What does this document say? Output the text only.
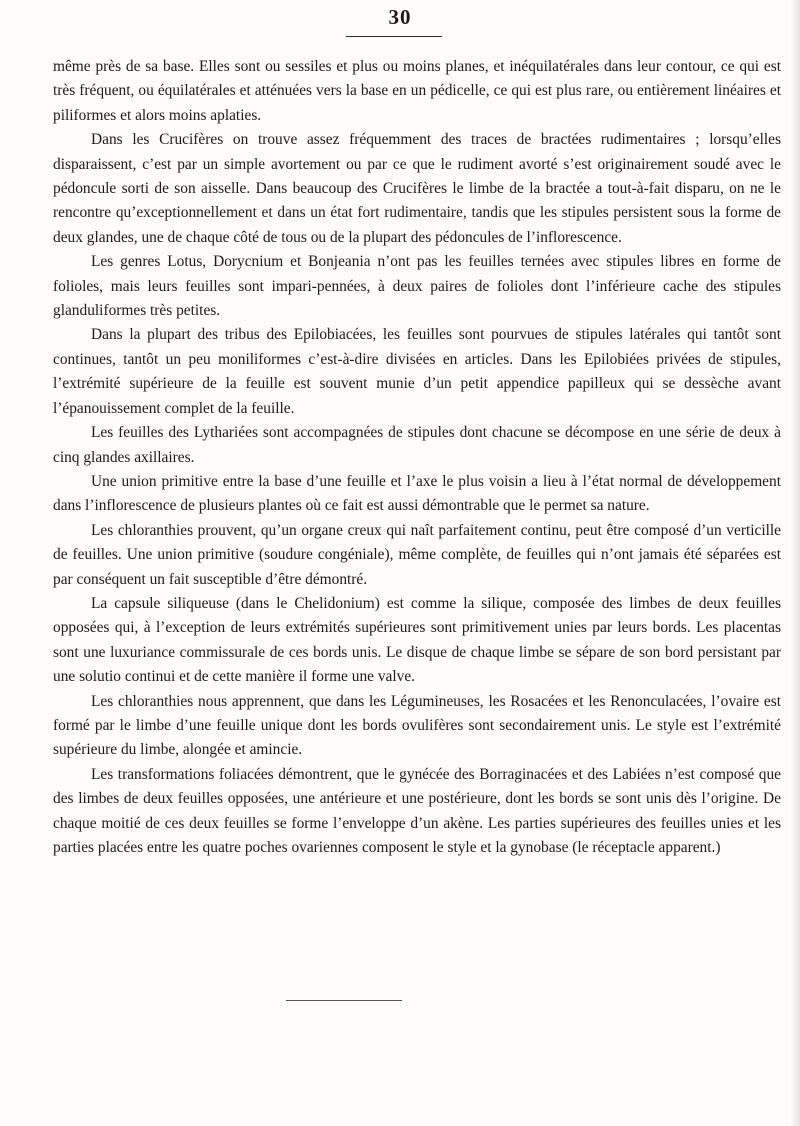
30

même près de sa base. Elles sont ou sessiles et plus ou moins planes, et inéquilatérales dans leur contour, ce qui est très fréquent, ou équilatérales et atténuées vers la base en un pédicelle, ce qui est plus rare, ou entièrement linéaires et piliformes et alors moins aplaties.

Dans les Crucifères on trouve assez fréquemment des traces de bractées rudimentaires ; lorsqu’elles disparaissent, c’est par un simple avortement ou par ce que le rudiment avorté s’est originairement soudé avec le pédoncule sorti de son aisselle. Dans beaucoup des Crucifères le limbe de la bractée a tout-à-fait disparu, on ne le rencontre qu’exceptionnellement et dans un état fort rudimentaire, tandis que les stipules persistent sous la forme de deux glandes, une de chaque côté de tous ou de la plupart des pédoncules de l’inflorescence.

Les genres Lotus, Dorycnium et Bonjeania n’ont pas les feuilles ternées avec stipules libres en forme de folioles, mais leurs feuilles sont impari-pennées, à deux paires de folioles dont l’inférieure cache des stipules glanduliformes très petites.

Dans la plupart des tribus des Epilobiacées, les feuilles sont pourvues de stipules latérales qui tantôt sont continues, tantôt un peu moniliformes c’est-à-dire divisées en articles. Dans les Epilobiées privées de stipules, l’extrémité supérieure de la feuille est souvent munie d’un petit appendice papilleux qui se dessèche avant l’épanouissement complet de la feuille.

Les feuilles des Lythariées sont accompagnées de stipules dont chacune se décompose en une série de deux à cinq glandes axillaires.

Une union primitive entre la base d’une feuille et l’axe le plus voisin a lieu à l’état normal de développement dans l’inflorescence de plusieurs plantes où ce fait est aussi démontrable que le permet sa nature.

Les chloranthies prouvent, qu’un organe creux qui naît parfaitement continu, peut être composé d’un verticille de feuilles. Une union primitive (soudure congéniale), même complète, de feuilles qui n’ont jamais été séparées est par conséquent un fait susceptible d’être démontré.

La capsule siliqueuse (dans le Chelidonium) est comme la silique, composée des limbes de deux feuilles opposées qui, à l’exception de leurs extrémités supérieures sont primitivement unies par leurs bords. Les placentas sont une luxuriance commissurale de ces bords unis. Le disque de chaque limbe se sépare de son bord persistant par une solutio continui et de cette manière il forme une valve.

Les chloranthies nous apprennent, que dans les Légumineuses, les Rosacées et les Renonculacées, l’ovaire est formé par le limbe d’une feuille unique dont les bords ovulifères sont secondairement unis. Le style est l’extrémité supérieure du limbe, alongée et amincie.

Les transformations foliacées démontrent, que le gynécée des Borraginacées et des Labiées n’est composé que des limbes de deux feuilles opposées, une antérieure et une postérieure, dont les bords se sont unis dès l’origine. De chaque moitié de ces deux feuilles se forme l’enveloppe d’un akène. Les parties supérieures des feuilles unies et les parties placées entre les quatre poches ovariennes composent le style et la gynobase (le réceptacle apparent.)
